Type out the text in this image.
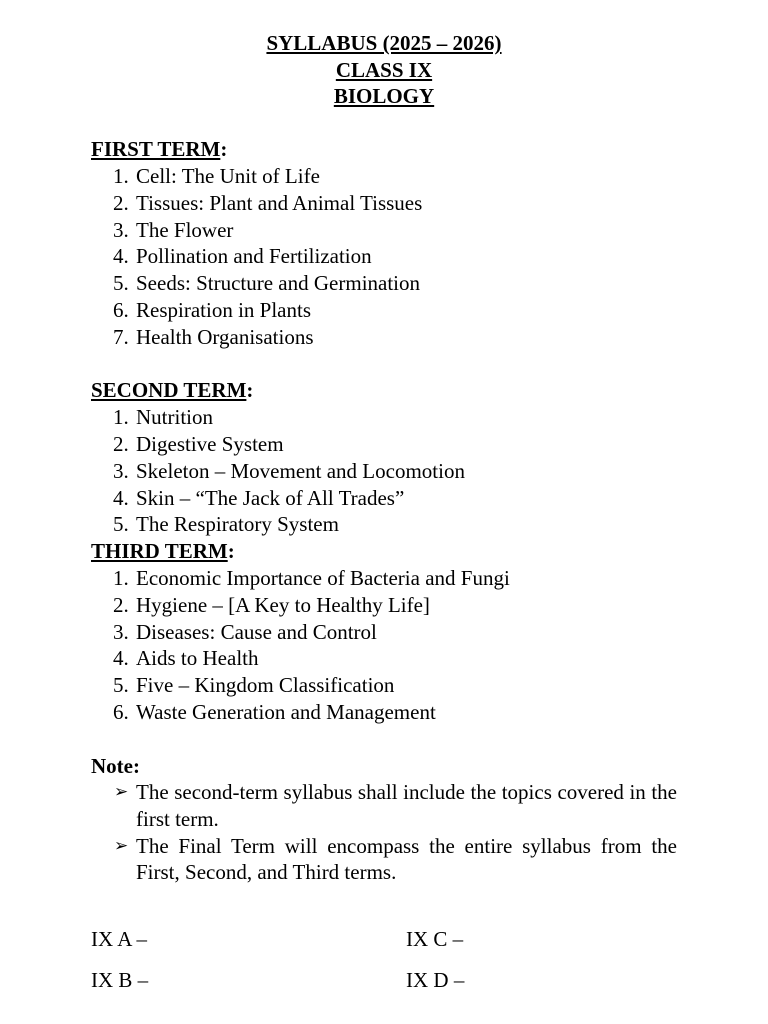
SYLLABUS (2025 – 2026)
CLASS IX
BIOLOGY
FIRST TERM:
1. Cell: The Unit of Life
2. Tissues: Plant and Animal Tissues
3. The Flower
4. Pollination and Fertilization
5. Seeds: Structure and Germination
6. Respiration in Plants
7. Health Organisations
SECOND TERM:
1. Nutrition
2. Digestive System
3. Skeleton – Movement and Locomotion
4. Skin – “The Jack of All Trades”
5. The Respiratory System
THIRD TERM:
1. Economic Importance of Bacteria and Fungi
2. Hygiene – [A Key to Healthy Life]
3. Diseases: Cause and Control
4. Aids to Health
5. Five – Kingdom Classification
6. Waste Generation and Management
Note:
➢ The second-term syllabus shall include the topics covered in the first term.
➢ The Final Term will encompass the entire syllabus from the First, Second, and Third terms.
IX A –	IX C –
IX B –	IX D –
